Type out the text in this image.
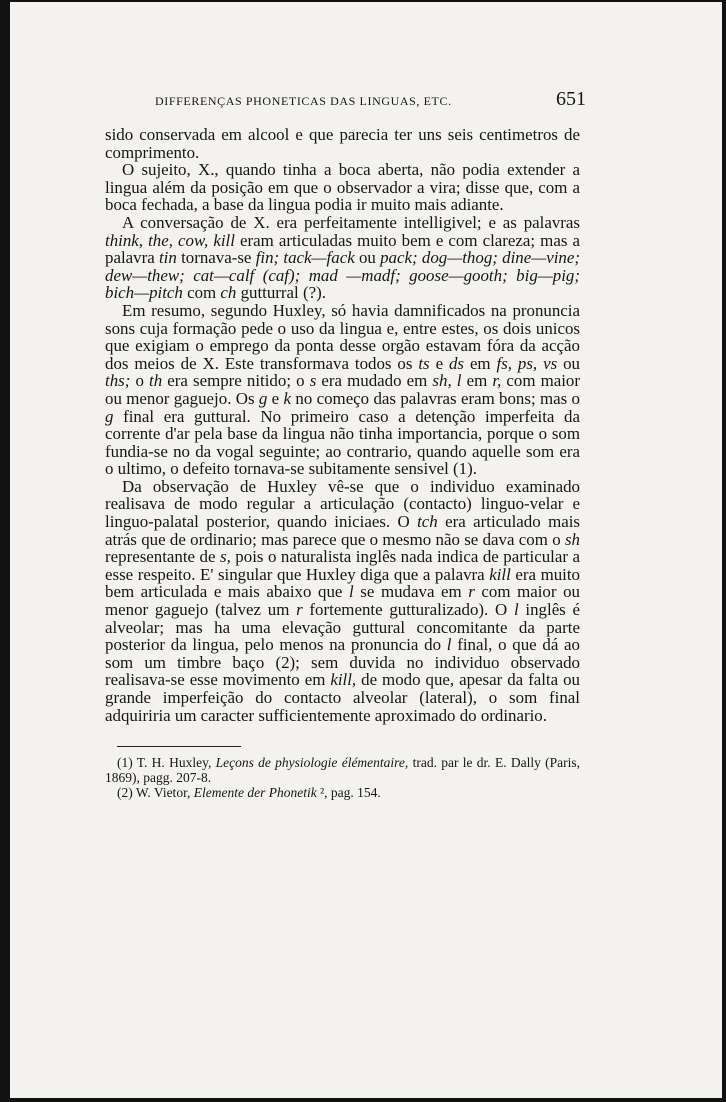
DIFFERENÇAS PHONETICAS DAS LINGUAS, ETC.	651

sido conservada em alcool e que parecia ter uns seis centimetros de comprimento.

O sujeito, X., quando tinha a boca aberta, não podia extender a lingua além da posição em que o observador a vira; disse que, com a boca fechada, a base da lingua podia ir muito mais adiante.

A conversação de X. era perfeitamente intelligivel; e as palavras think, the, cow, kill eram articuladas muito bem e com clareza; mas a palavra tin tornava-se fin; tack—fack ou pack; dog—thog; dine—vine; dew—thew; cat—calf (caf); mad —madf; goose—gooth; big—pig; bich—pitch com ch gutturral (?).

Em resumo, segundo Huxley, só havia damnificados na pronuncia sons cuja formação pede o uso da lingua e, entre estes, os dois unicos que exigiam o emprego da ponta desse orgão estavam fóra da acção dos meios de X. Este transformava todos os ts e ds em fs, ps, vs ou ths; o th era sempre nitido; o s era mudado em sh, l em r, com maior ou menor gaguejo. Os g e k no começo das palavras eram bons; mas o g final era guttural. No primeiro caso a detenção imperfeita da corrente d'ar pela base da lingua não tinha importancia, porque o som fundia-se no da vogal seguinte; ao contrario, quando aquelle som era o ultimo, o defeito tornava-se subitamente sensivel (1).

Da observação de Huxley vê-se que o individuo examinado realisava de modo regular a articulação (contacto) linguo-velar e linguo-palatal posterior, quando iniciaes. O tch era articulado mais atrás que de ordinario; mas parece que o mesmo não se dava com o sh representante de s, pois o naturalista inglês nada indica de particular a esse respeito. E' singular que Huxley diga que a palavra kill era muito bem articulada e mais abaixo que l se mudava em r com maior ou menor gaguejo (talvez um r fortemente gutturalizado). O l inglês é alveolar; mas ha uma elevação guttural concomitante da parte posterior da lingua, pelo menos na pronuncia do l final, o que dá ao som um timbre baço (2); sem duvida no individuo observado realisava-se esse movimento em kill, de modo que, apesar da falta ou grande imperfeição do contacto alveolar (lateral), o som final adquiriria um caracter sufficientemente aproximado do ordinario.

(1) T. H. Huxley, Leçons de physiologie élémentaire, trad. par le dr. E. Dally (Paris, 1869), pagg. 207-8.

(2) W. Vietor, Elemente der Phonetik ², pag. 154.
